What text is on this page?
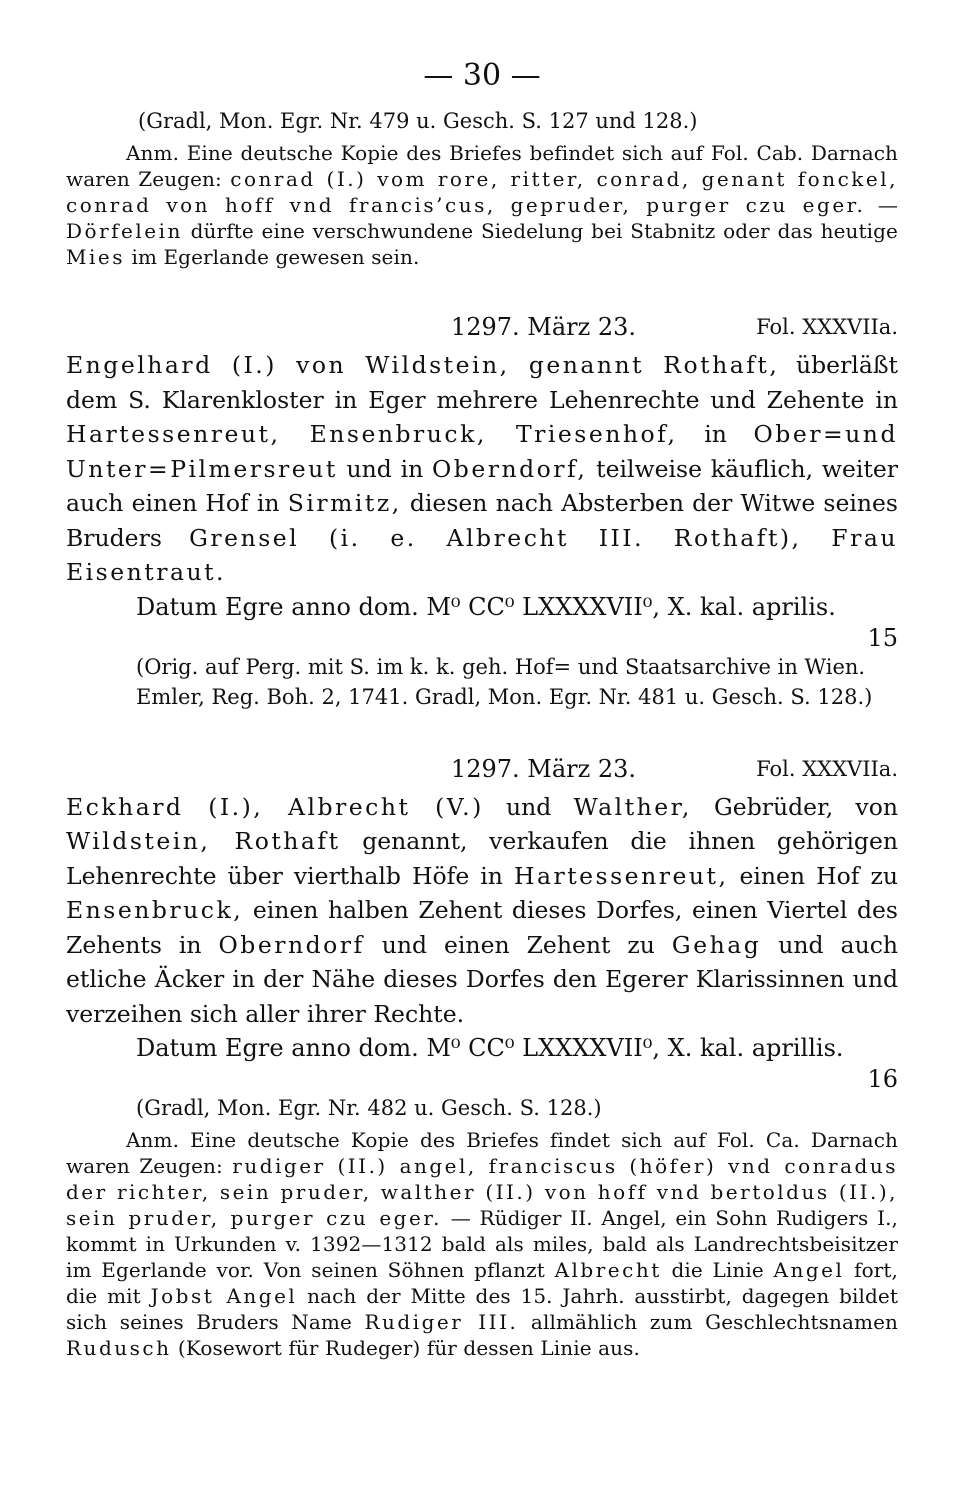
— 30 —

(Gradl, Mon. Egr. Nr. 479 u. Gesch. S. 127 und 128.)

Anm. Eine deutsche Kopie des Briefes befindet sich auf Fol. Cab. Darnach waren Zeugen: conrad (I.) vom rore, ritter, conrad, genant fonckel, conrad von hoff vnd francis’cus, gepruder, purger czu eger. — Dörfelein dürfte eine verschwundene Siedelung bei Stabnitz oder das heutige Mies im Egerlande gewesen sein.

1297. März 23.	Fol. XXXVIIa.

Engelhard (I.) von Wildstein, genannt Rothaft, überläßt dem S. Klarenkloster in Eger mehrere Lehenrechte und Zehente in Hartessenreut, Ensenbruck, Triesenhof, in Ober=und Unter=Pilmersreut und in Oberndorf, teilweise käuflich, weiter auch einen Hof in Sirmitz, diesen nach Absterben der Witwe seines Bruders Grensel (i. e. Albrecht III. Rothaft), Frau Eisentraut.

Datum Egre anno dom. M⁰ CC⁰ LXXXXVII⁰, X. kal. aprilis.

15

(Orig. auf Perg. mit S. im k. k. geh. Hof= und Staatsarchive in Wien. Emler, Reg. Boh. 2, 1741. Gradl, Mon. Egr. Nr. 481 u. Gesch. S. 128.)

1297. März 23.	Fol. XXXVIIa.

Eckhard (I.), Albrecht (V.) und Walther, Gebrüder, von Wildstein, Rothaft genannt, verkaufen die ihnen gehörigen Lehenrechte über vierthalb Höfe in Hartessenreut, einen Hof zu Ensenbruck, einen halben Zehent dieses Dorfes, einen Viertel des Zehents in Oberndorf und einen Zehent zu Gehag und auch etliche Äcker in der Nähe dieses Dorfes den Egerer Klarissinnen und verzeihen sich aller ihrer Rechte.

Datum Egre anno dom. M⁰ CC⁰ LXXXXVII⁰, X. kal. aprillis.

16

(Gradl, Mon. Egr. Nr. 482 u. Gesch. S. 128.)

Anm. Eine deutsche Kopie des Briefes findet sich auf Fol. Ca. Darnach waren Zeugen: rudiger (II.) angel, franciscus (höfer) vnd conradus der richter, sein pruder, walther (II.) von hoff vnd bertoldus (II.), sein pruder, purger czu eger. — Rüdiger II. Angel, ein Sohn Rudigers I., kommt in Urkunden v. 1392—1312 bald als miles, bald als Landrechtsbeisitzer im Egerlande vor. Von seinen Söhnen pflanzt Albrecht die Linie Angel fort, die mit Jobst Angel nach der Mitte des 15. Jahrh. ausstirbt, dagegen bildet sich seines Bruders Name Rudiger III. allmählich zum Geschlechtsnamen Rudusch (Kosewort für Rudeger) für dessen Linie aus.
